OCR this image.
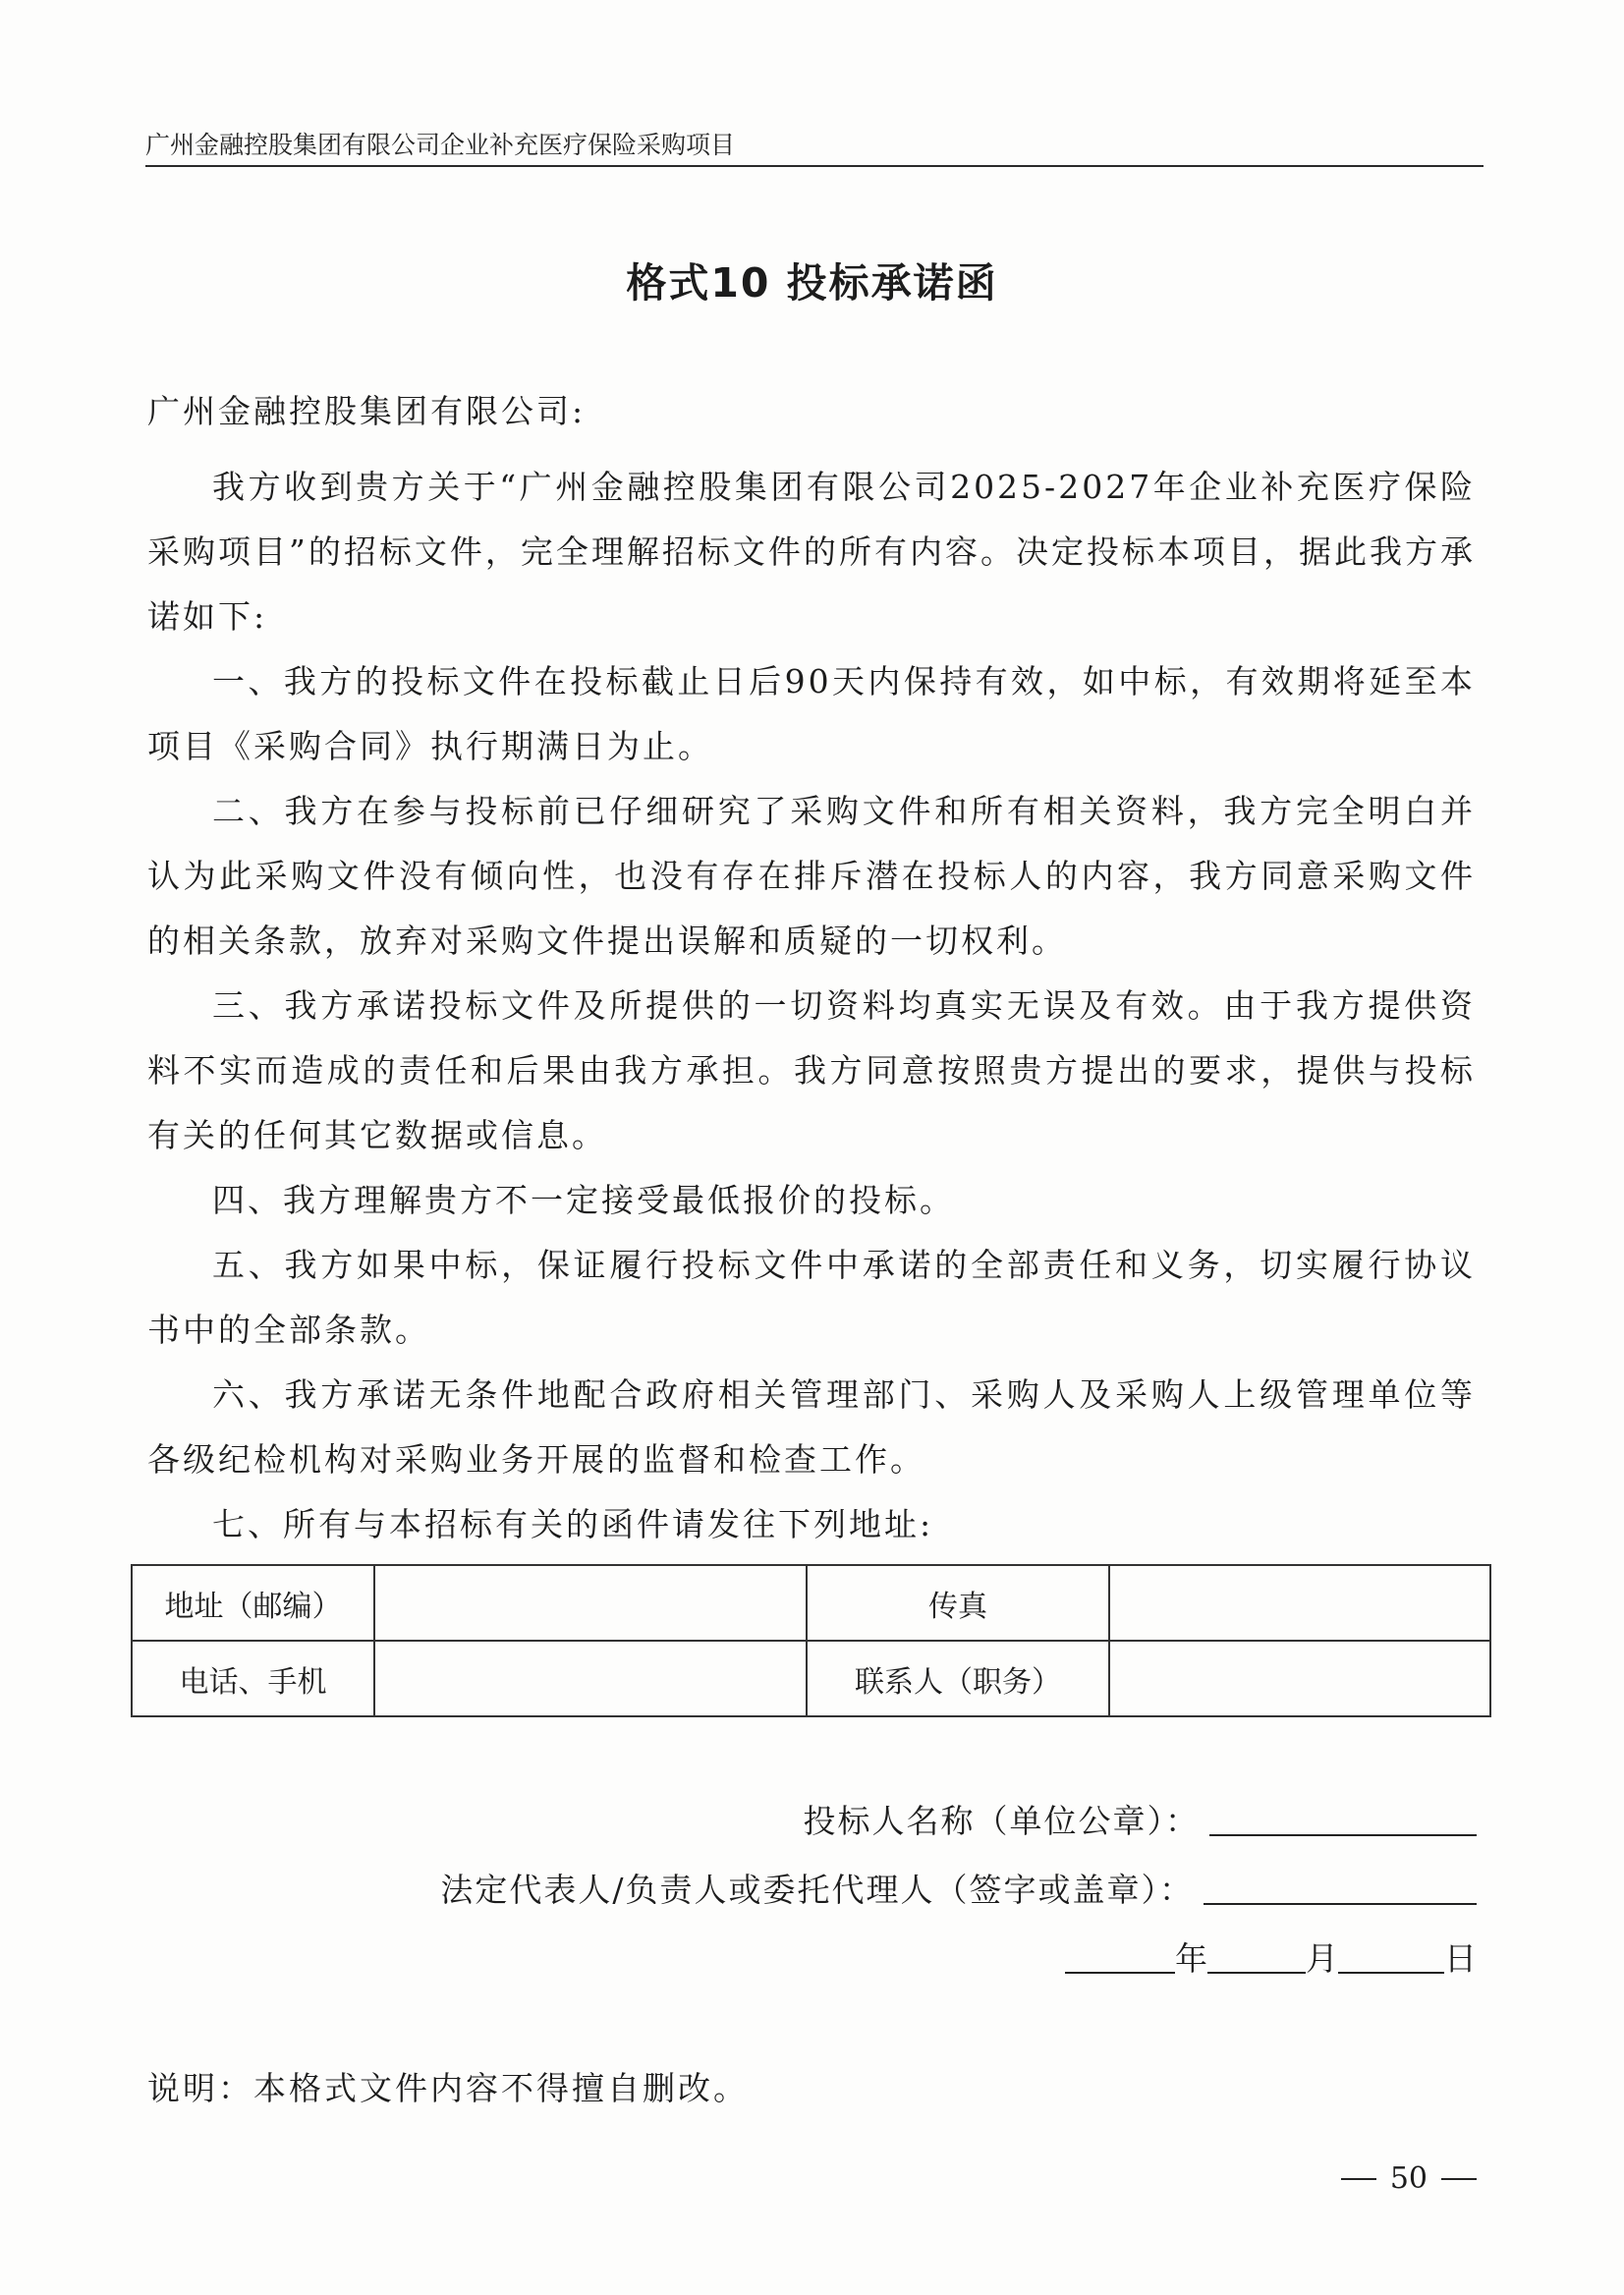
广州金融控股集团有限公司企业补充医疗保险采购项目
格式10 投标承诺函
广州金融控股集团有限公司:

我方收到贵方关于“广州金融控股集团有限公司2025-2027年企业补充医疗保险采购项目”的招标文件，完全理解招标文件的所有内容。决定投标本项目，据此我方承诺如下:

一、我方的投标文件在投标截止日后90天内保持有效，如中标，有效期将延至本项目《采购合同》执行期满日为止。

二、我方在参与投标前已仔细研究了采购文件和所有相关资料，我方完全明白并认为此采购文件没有倾向性，也没有存在排斥潜在投标人的内容，我方同意采购文件的相关条款，放弃对采购文件提出误解和质疑的一切权利。

三、我方承诺投标文件及所提供的一切资料均真实无误及有效。由于我方提供资料不实而造成的责任和后果由我方承担。我方同意按照贵方提出的要求，提供与投标有关的任何其它数据或信息。

四、我方理解贵方不一定接受最低报价的投标。

五、我方如果中标，保证履行投标文件中承诺的全部责任和义务，切实履行协议书中的全部条款。

六、我方承诺无条件地配合政府相关管理部门、采购人及采购人上级管理单位等各级纪检机构对采购业务开展的监督和检查工作。

七、所有与本招标有关的函件请发往下列地址:

地址（邮编）		传真	
电话、手机		联系人（职务）	
投标人名称（单位公章）：
法定代表人/负责人或委托代理人（签字或盖章）：
年	月	日
说明：本格式文件内容不得擅自删改。
50
